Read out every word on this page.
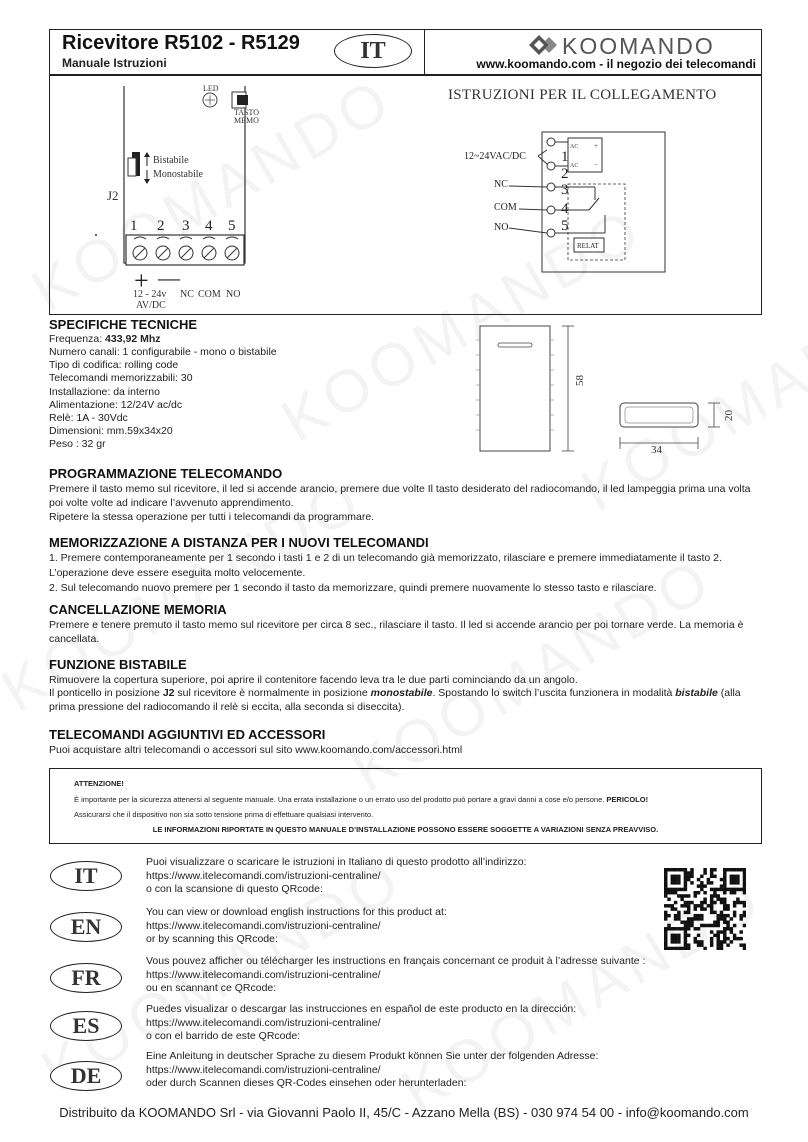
Ricevitore R5102 - R5129
Manuale Istruzioni	IT	KOOMANDO
www.koomando.com - il negozio dei telecomandi
ISTRUZIONI PER IL COLLEGAMENTO
LED
TASTO
MEMO
Bistabile
Monostabile
J2
1 2 3 4 5
+ —
12 - 24v
AV/DC
NC COM NO
AC
AC
+
−
1
2
3
4
5
12~24VAC/DC
NC
COM
NO
RELAT
SPECIFICHE TECNICHE
Frequenza: 433,92 Mhz
Numero canali: 1 configurabile - mono o bistabile
Tipo di codifica: rolling code
Telecomandi memorizzabili: 30
Installazione: da interno
Alimentazione: 12/24V ac/dc
Relè: 1A - 30Vdc
Dimensioni: mm.59x34x20
Peso : 32 gr
58
34
20
PROGRAMMAZIONE TELECOMANDO
Premere il tasto memo sul ricevitore, il led si accende arancio, premere due volte Il tasto desiderato del radiocomando, il led lampeggia prima una volta poi volte volte ad indicare l’avvenuto apprendimento.
Ripetere la stessa operazione per tutti i telecomandi da programmare.
MEMORIZZAZIONE A DISTANZA PER I NUOVI TELECOMANDI
1. Premere contemporaneamente per 1 secondo i tasti 1 e 2 di un telecomando già memorizzato, rilasciare e premere immediatamente il tasto 2.
L’operazione deve essere eseguita molto velocemente.
2. Sul telecomando nuovo premere per 1 secondo il tasto da memorizzare, quindi premere nuovamente lo stesso tasto e rilasciare.
CANCELLAZIONE MEMORIA
Premere e tenere premuto il tasto memo sul ricevitore per circa 8 sec., rilasciare il tasto. Il led si accende arancio per poi tornare verde. La memoria è cancellata.
FUNZIONE BISTABILE
Rimuovere la copertura superiore, poi aprire il contenitore facendo leva tra le due parti cominciando da un angolo.
Il ponticello in posizione J2 sul ricevitore è normalmente in posizione monostabile. Spostando lo switch l’uscita funzionera in modalità bistabile (alla prima pressione del radiocomando il relè si eccita, alla seconda si diseccita).
TELECOMANDI AGGIUNTIVI ED ACCESSORI
Puoi acquistare altri telecomandi o accessori sul sito www.koomando.com/accessori.html
ATTENZIONE!
È importante per la sicurezza attenersi al seguente manuale. Una errata installazione o un errato uso del prodotto può portare a gravi danni a cose e/o persone. PERICOLO!
Assicurarsi che il dispositivo non sia sotto tensione prima di effettuare qualsiasi intervento.
LE INFORMAZIONI RIPORTATE IN QUESTO MANUALE D’INSTALLAZIONE POSSONO ESSERE SOGGETTE A VARIAZIONI SENZA PREAVVISO.
IT
Puoi visualizzare o scaricare le istruzioni in Italiano di questo prodotto all’indirizzo:
https://www.itelecomandi.com/istruzioni-centraline/
o con la scansione di questo QRcode:
EN
You can view or download english instructions for this product at:
https://www.itelecomandi.com/istruzioni-centraline/
or by scanning this QRcode:
FR
Vous pouvez afficher ou télécharger les instructions en français concernant ce produit à l’adresse suivante :
https://www.itelecomandi.com/istruzioni-centraline/
ou en scannant ce QRcode:
ES
Puedes visualizar o descargar las instrucciones en español de este producto en la dirección:
https://www.itelecomandi.com/istruzioni-centraline/
o con el barrido de este QRcode:
DE
Eine Anleitung in deutscher Sprache zu diesem Produkt können Sie unter der folgenden Adresse:
https://www.itelecomandi.com/istruzioni-centraline/
oder durch Scannen dieses QR-Codes einsehen oder herunterladen:
Distribuito da KOOMANDO Srl - via Giovanni Paolo II, 45/C - Azzano Mella (BS) - 030 974 54 00 - info@koomando.com
